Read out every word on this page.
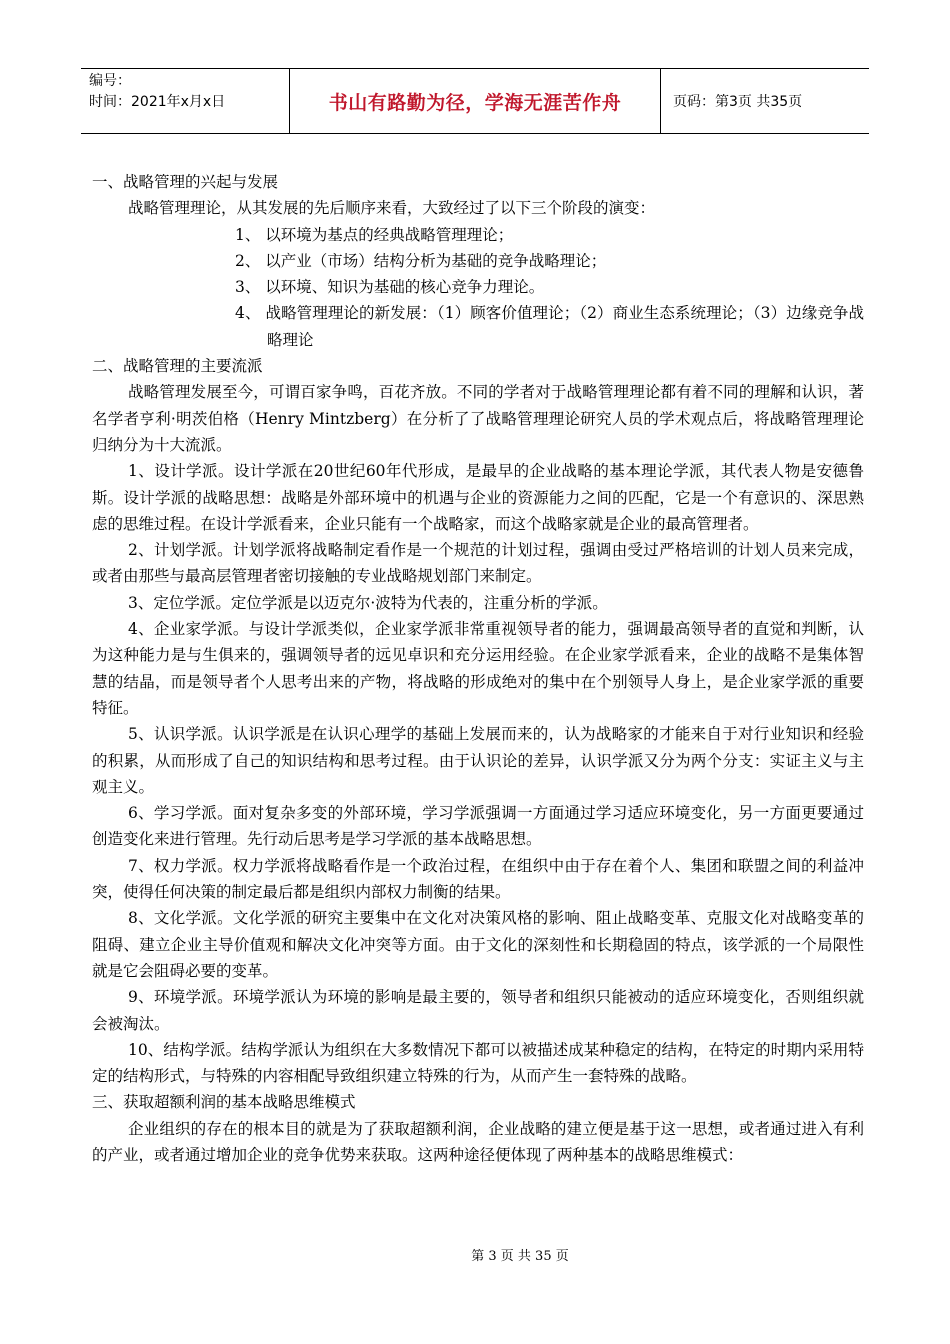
编号：
时间：2021年x月x日	书山有路勤为径，学海无涯苦作舟	页码：第3页 共35页

一、战略管理的兴起与发展

战略管理理论，从其发展的先后顺序来看，大致经过了以下三个阶段的演变：

1、 以环境为基点的经典战略管理理论；

2、 以产业（市场）结构分析为基础的竞争战略理论；

3、 以环境、知识为基础的核心竞争力理论。

4、 战略管理理论的新发展：（1）顾客价值理论；（2）商业生态系统理论；（3）边缘竞争战略理论

二、战略管理的主要流派

战略管理发展至今，可谓百家争鸣，百花齐放。不同的学者对于战略管理理论都有着不同的理解和认识，著名学者亨利·明茨伯格（Henry Mintzberg）在分析了了战略管理理论研究人员的学术观点后，将战略管理理论归纳分为十大流派。

1、设计学派。设计学派在20世纪60年代形成，是最早的企业战略的基本理论学派，其代表人物是安德鲁斯。设计学派的战略思想：战略是外部环境中的机遇与企业的资源能力之间的匹配，它是一个有意识的、深思熟虑的思维过程。在设计学派看来，企业只能有一个战略家，而这个战略家就是企业的最高管理者。

2、计划学派。计划学派将战略制定看作是一个规范的计划过程，强调由受过严格培训的计划人员来完成，或者由那些与最高层管理者密切接触的专业战略规划部门来制定。

3、定位学派。定位学派是以迈克尔·波特为代表的，注重分析的学派。

4、企业家学派。与设计学派类似，企业家学派非常重视领导者的能力，强调最高领导者的直觉和判断，认为这种能力是与生俱来的，强调领导者的远见卓识和充分运用经验。在企业家学派看来，企业的战略不是集体智慧的结晶，而是领导者个人思考出来的产物，将战略的形成绝对的集中在个别领导人身上，是企业家学派的重要特征。

5、认识学派。认识学派是在认识心理学的基础上发展而来的，认为战略家的才能来自于对行业知识和经验的积累，从而形成了自己的知识结构和思考过程。由于认识论的差异，认识学派又分为两个分支：实证主义与主观主义。

6、学习学派。面对复杂多变的外部环境，学习学派强调一方面通过学习适应环境变化，另一方面更要通过创造变化来进行管理。先行动后思考是学习学派的基本战略思想。

7、权力学派。权力学派将战略看作是一个政治过程，在组织中由于存在着个人、集团和联盟之间的利益冲突，使得任何决策的制定最后都是组织内部权力制衡的结果。

8、文化学派。文化学派的研究主要集中在文化对决策风格的影响、阻止战略变革、克服文化对战略变革的阻碍、建立企业主导价值观和解决文化冲突等方面。由于文化的深刻性和长期稳固的特点，该学派的一个局限性就是它会阻碍必要的变革。

9、环境学派。环境学派认为环境的影响是最主要的，领导者和组织只能被动的适应环境变化，否则组织就会被淘汰。

10、结构学派。结构学派认为组织在大多数情况下都可以被描述成某种稳定的结构，在特定的时期内采用特定的结构形式，与特殊的内容相配导致组织建立特殊的行为，从而产生一套特殊的战略。

三、获取超额利润的基本战略思维模式

企业组织的存在的根本目的就是为了获取超额利润，企业战略的建立便是基于这一思想，或者通过进入有利的产业，或者通过增加企业的竞争优势来获取。这两种途径便体现了两种基本的战略思维模式：

第 3 页 共 35 页
